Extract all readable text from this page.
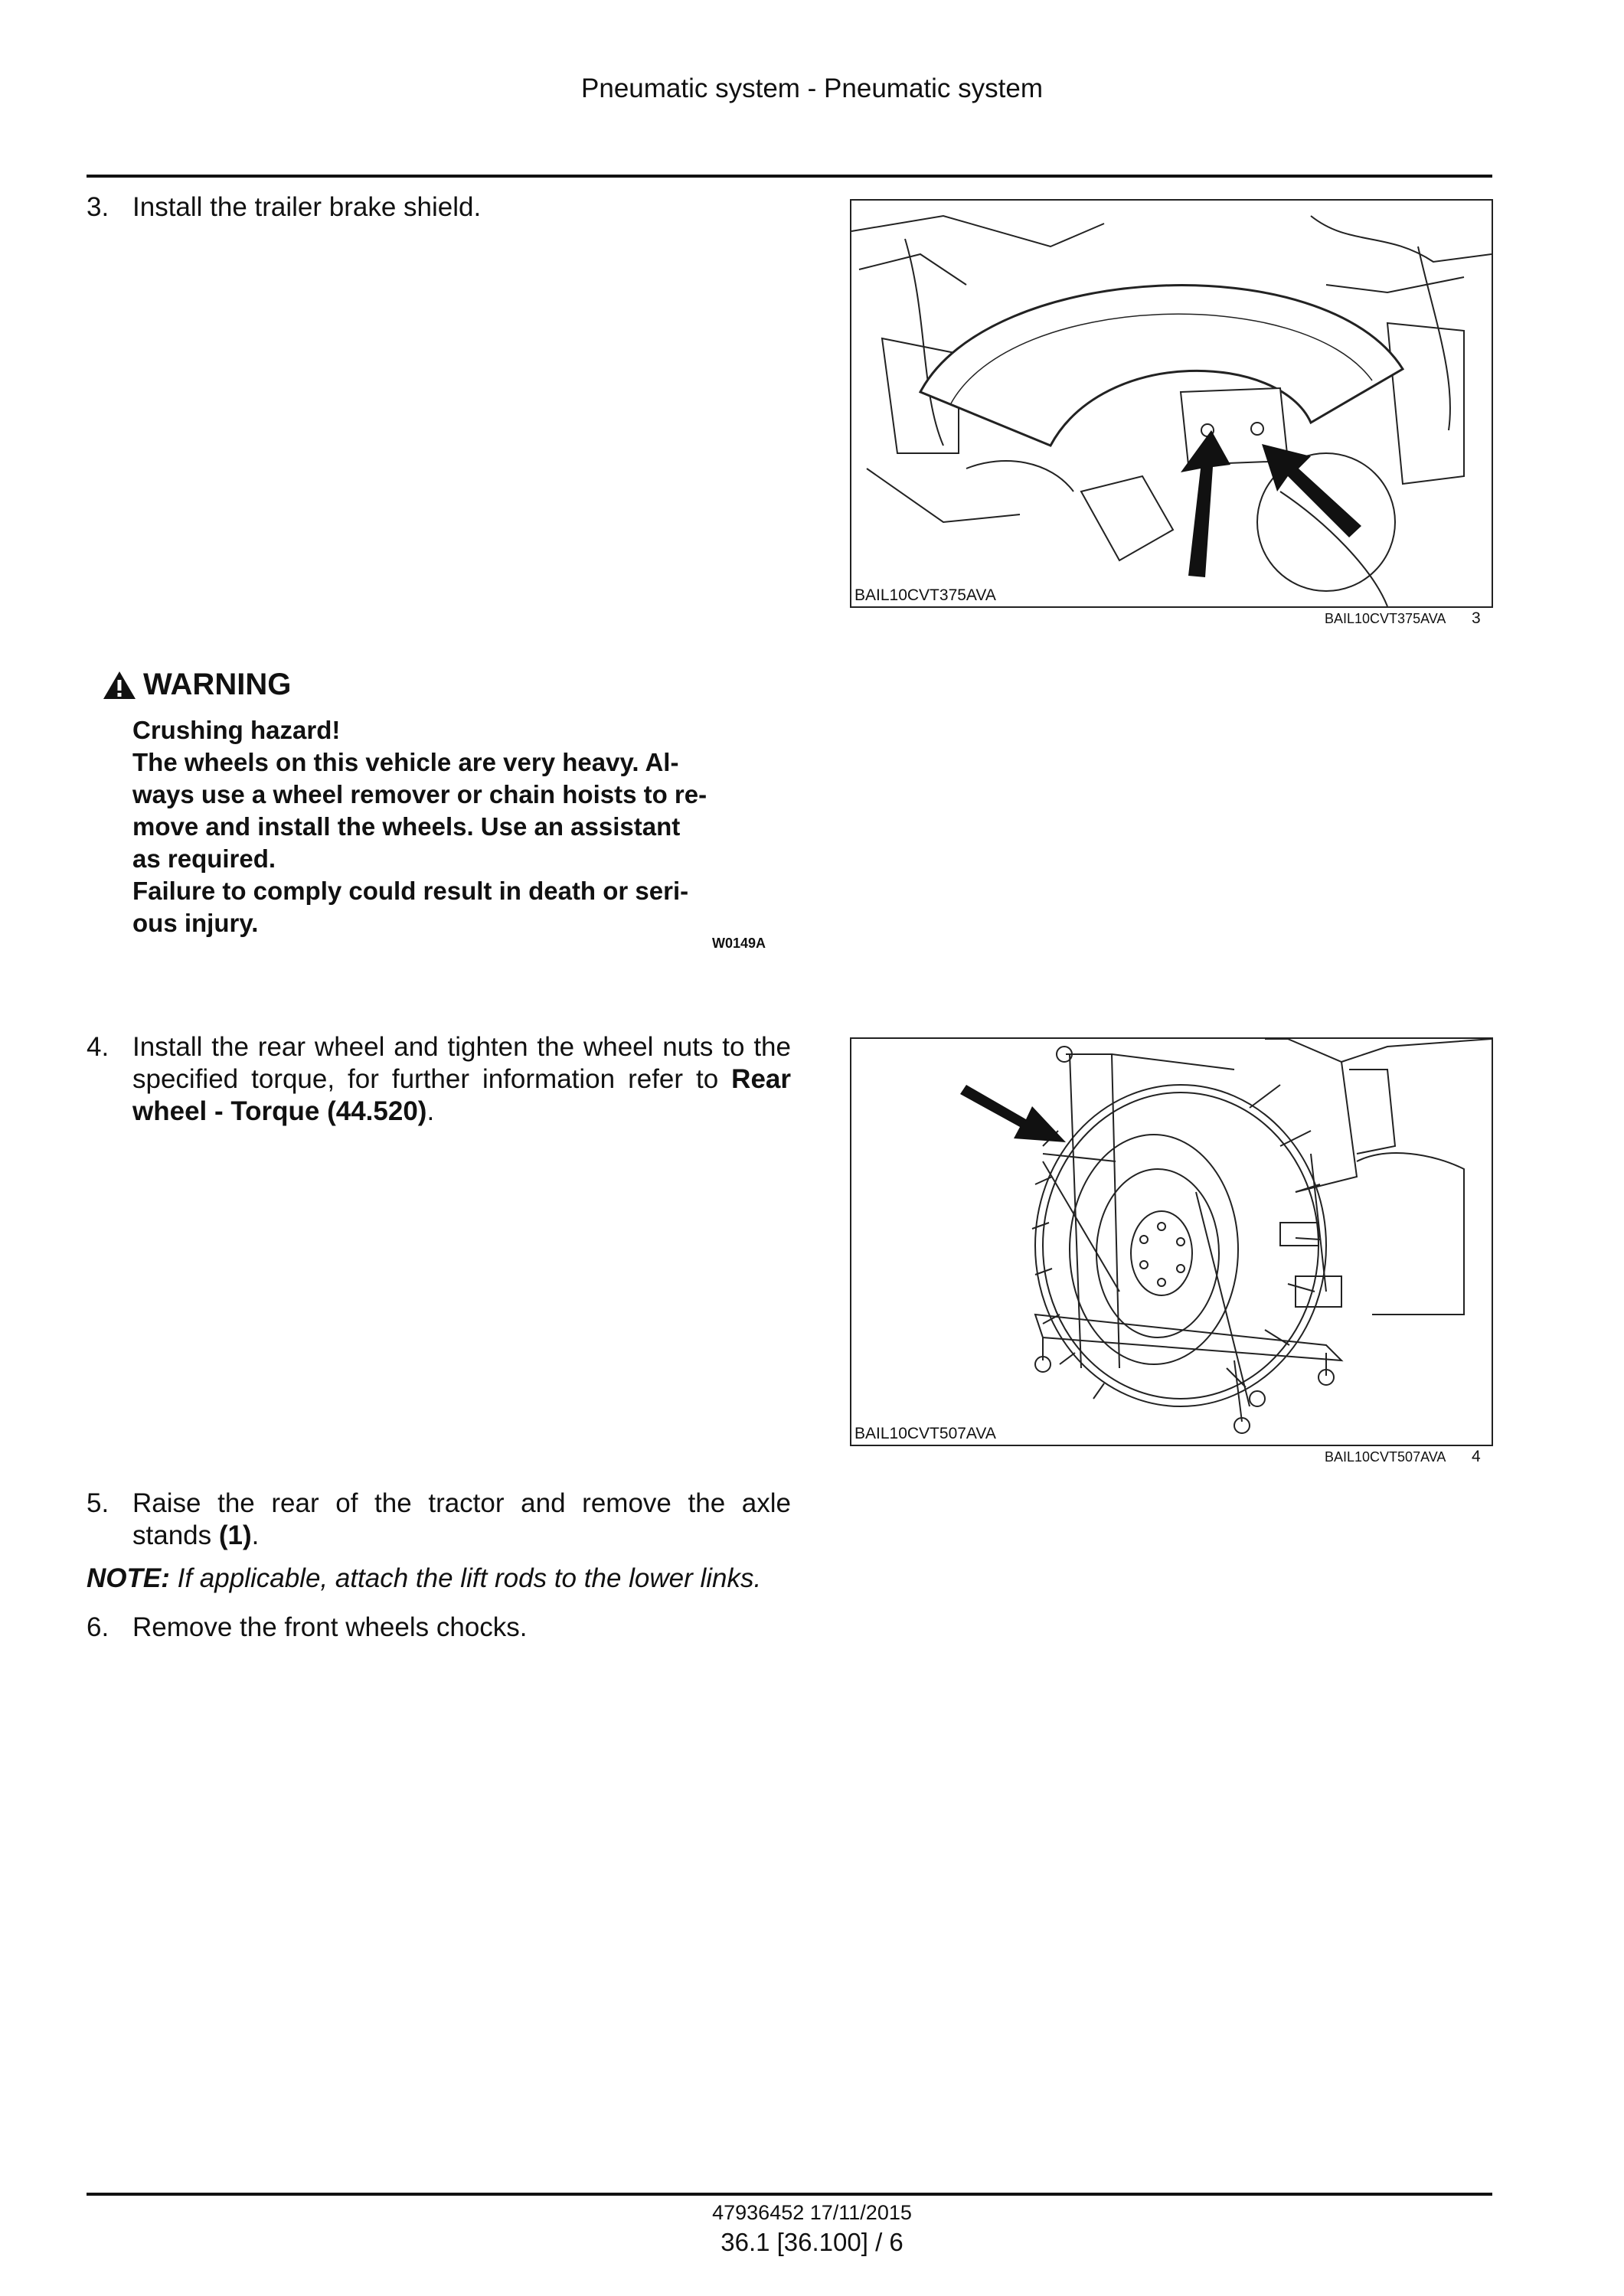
Pneumatic system - Pneumatic system
3. Install the trailer brake shield.
BAIL10CVT375AVA
BAIL10CVT375AVA 3
WARNING
Crushing hazard!
The wheels on this vehicle are very heavy. Al-
ways use a wheel remover or chain hoists to re-
move and install the wheels. Use an assistant
as required.
Failure to comply could result in death or seri-
ous injury.
W0149A
4. Install the rear wheel and tighten the wheel nuts to the specified torque, for further information refer to Rear wheel - Torque (44.520).
BAIL10CVT507AVA
BAIL10CVT507AVA 4
5. Raise the rear of the tractor and remove the axle stands (1).
NOTE: If applicable, attach the lift rods to the lower links.
6. Remove the front wheels chocks.
47936452 17/11/2015
36.1 [36.100] / 6
